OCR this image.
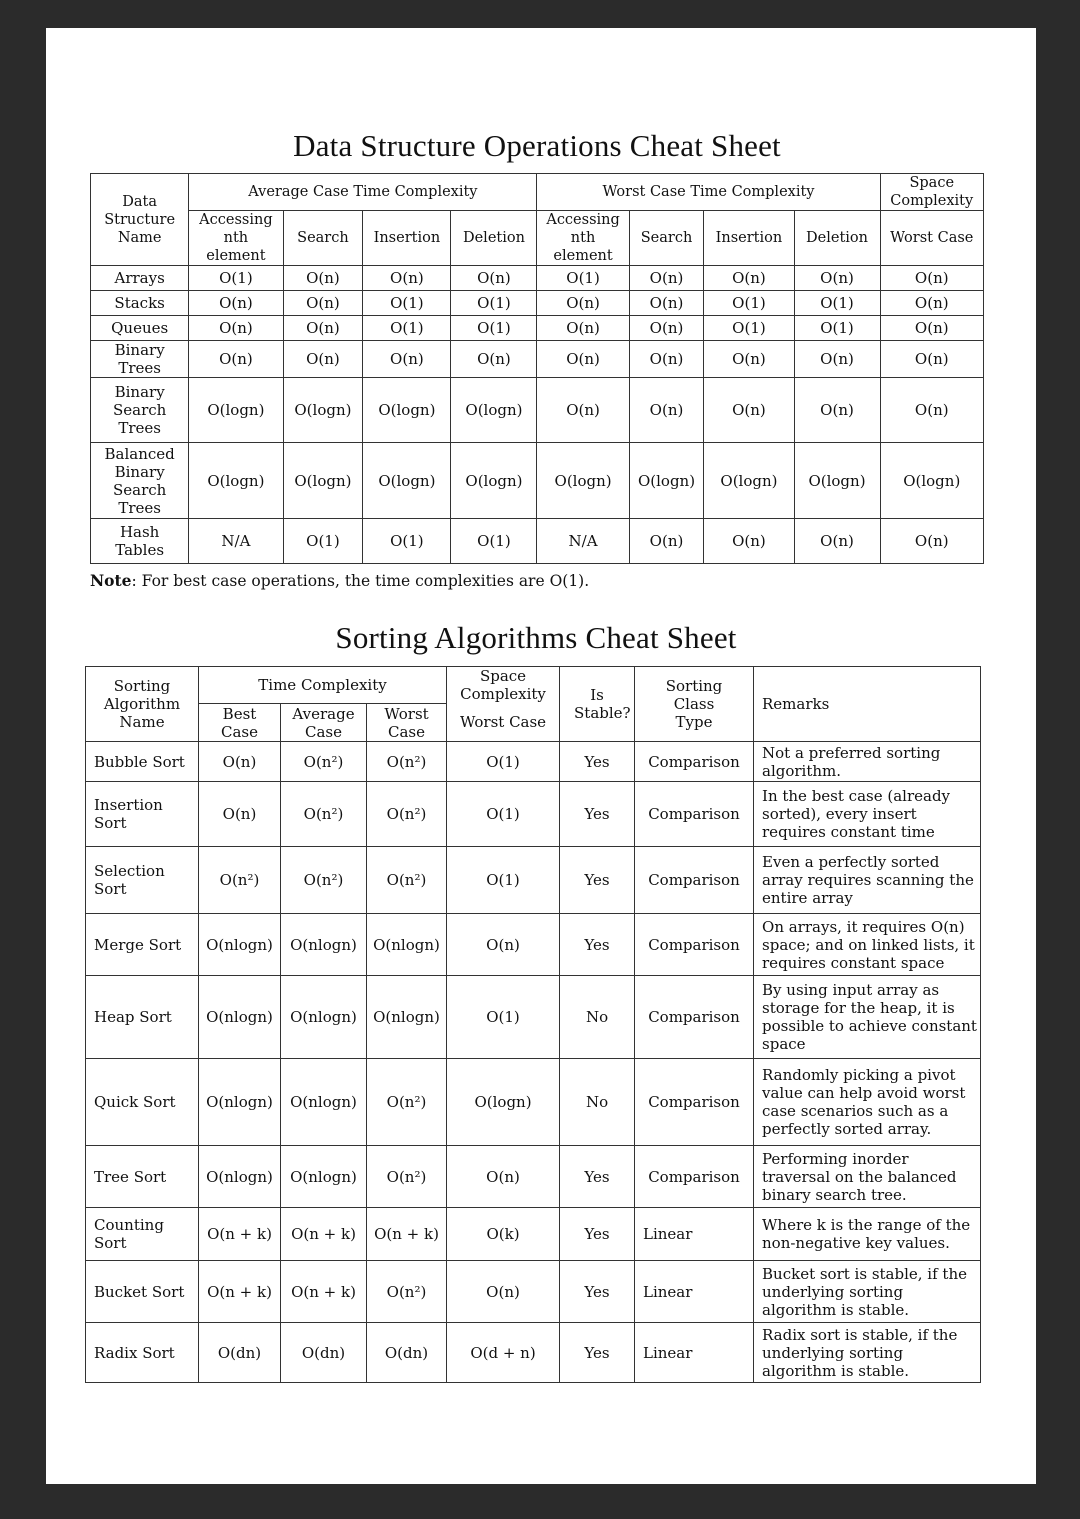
Data Structure Operations Cheat Sheet
Data Structure Name	Average Case Time Complexity				Worst Case Time Complexity				Space Complexity
	Accessing nth element	Search	Insertion	Deletion	Accessing nth element	Search	Insertion	Deletion	Worst Case
Arrays	O(1)	O(n)	O(n)	O(n)	O(1)	O(n)	O(n)	O(n)	O(n)
Stacks	O(n)	O(n)	O(1)	O(1)	O(n)	O(n)	O(1)	O(1)	O(n)
Queues	O(n)	O(n)	O(1)	O(1)	O(n)	O(n)	O(1)	O(1)	O(n)
Binary Trees	O(n)	O(n)	O(n)	O(n)	O(n)	O(n)	O(n)	O(n)	O(n)
Binary Search Trees	O(logn)	O(logn)	O(logn)	O(logn)	O(n)	O(n)	O(n)	O(n)	O(n)
Balanced Binary Search Trees	O(logn)	O(logn)	O(logn)	O(logn)	O(logn)	O(logn)	O(logn)	O(logn)	O(logn)
Hash Tables	N/A	O(1)	O(1)	O(1)	N/A	O(n)	O(n)	O(n)	O(n)

Note: For best case operations, the time complexities are O(1).

Sorting Algorithms Cheat Sheet
Sorting Algorithm Name	Time Complexity			Space Complexity	Is Stable?	Sorting Class Type	Remarks
	Best Case	Average Case	Worst Case	Worst Case			
Bubble Sort	O(n)	O(n²)	O(n²)	O(1)	Yes	Comparison	Not a preferred sorting algorithm.
Insertion Sort	O(n)	O(n²)	O(n²)	O(1)	Yes	Comparison	In the best case (already sorted), every insert requires constant time
Selection Sort	O(n²)	O(n²)	O(n²)	O(1)	Yes	Comparison	Even a perfectly sorted array requires scanning the entire array
Merge Sort	O(nlogn)	O(nlogn)	O(nlogn)	O(n)	Yes	Comparison	On arrays, it requires O(n) space; and on linked lists, it requires constant space
Heap Sort	O(nlogn)	O(nlogn)	O(nlogn)	O(1)	No	Comparison	By using input array as storage for the heap, it is possible to achieve constant space
Quick Sort	O(nlogn)	O(nlogn)	O(n²)	O(logn)	No	Comparison	Randomly picking a pivot value can help avoid worst case scenarios such as a perfectly sorted array.
Tree Sort	O(nlogn)	O(nlogn)	O(n²)	O(n)	Yes	Comparison	Performing inorder traversal on the balanced binary search tree.
Counting Sort	O(n + k)	O(n + k)	O(n + k)	O(k)	Yes	Linear	Where k is the range of the non-negative key values.
Bucket Sort	O(n + k)	O(n + k)	O(n²)	O(n)	Yes	Linear	Bucket sort is stable, if the underlying sorting algorithm is stable.
Radix Sort	O(dn)	O(dn)	O(dn)	O(d + n)	Yes	Linear	Radix sort is stable, if the underlying sorting algorithm is stable.
